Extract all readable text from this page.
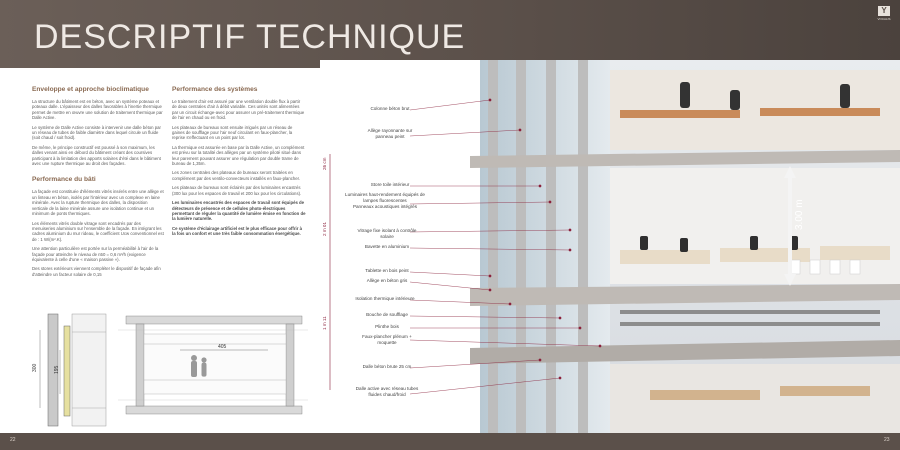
DESCRIPTIF TECHNIQUE
Y
VOCALIS
Enveloppe et approche bioclimatique

La structure du bâtiment est en béton, avec un système poteaux et poteaux dalle. L'épaisseur des dalles favorables à l'inertie thermique permet de mettre en œuvre une solution de traitement thermique par Dalle Active.

Le système de Dalle Active consiste à intervenir une dalle béton par un réseau de tubes de faible diamètre dans lequel circule un fluide (soit chaud / soit froid).

De même, le principe constructif est poussé à son maximum, les dalles venant ainsi en débord du bâtiment créant des coursives participant à la limitation des apports solaires d'été dans le bâtiment avec une rupture thermique au droit des façades.

Performance du bâti

La façade est constituée d'éléments vitrés insérés entre une allège et un linteau en béton, isolés par l'intérieur avec un complexe en laine minérale. Avec la rupture thermique des dalles, la disposition verticale de la laine minérale assure une isolation continue et un minimum de ponts thermiques.

Les éléments vitrés double vitrage sont encadrés par des menuiseries aluminium sur l'ensemble de la façade. En intégrant les cadres aluminium du mur rideau, le coefficient Ucw conventionnel est de : 1 W/(m².K).

Une attention particulière est portée sur la perméabilité à l'air de la façade pour atteindre le niveau de n50 = 0,6 m³/h (exigence équivalente à celle d'une « maison passive »).

Des stores extérieurs viennent compléter le dispositif de façade afin d'atteindre un facteur solaire de 0,15

Performance des systèmes

Le traitement d'air est assuré par une ventilation double flux à partir de deux centrales d'air à débit variable. Ces unités sont alimentées par un circuit échange-avec pour assurer un pré-traitement thermique de l'air en chaud ou en froid.

Les plateaux de bureaux sont ensuite irrigués par un réseau de gaines de soufflage pour l'air neuf circulant en faux-plancher, la reprise s'effectuant en un point par lot.

La thermique est assurée en base par la Dalle Active, un complément est prévu sur la totalité des allèges par un système piloté situé dans leur parement pouvant assurer une régulation par double trame de bureau de 1,35m.

Les zones centrales des plateaux de bureaux seront traitées en complément par des ventilo-convecteurs installés en faux-plancher.

Les plateaux de bureaux sont éclairés par des luminaires encastrés (300 lux pour les espaces de travail et 200 lux pour les circulations).

Les luminaires encastrés des espaces de travail sont équipés de détecteurs de présence et de cellules photo-électriques permettant de réguler la quantité de lumière émise en fonction de la lumière naturelle.

Ce système d'éclairage artificiel est le plus efficace pour offrir à la fois un confort et une très faible consommation énergétique.

300	195
405
3.00 m
26 cm
2 m 01
1 m 11
Colonne béton brut
Allège rayonnante sur panneau peint
Store toile intérieur
Luminaires haut-rendement équipés de lampes fluorescentes
Panneaux acoustiques intégrés
Vitrage fixe isolant à contrôle solaire
Bavette en aluminium
Tablette en bois peint
Allège en béton gris
Isolation thermique intérieure
Bouche de soufflage
Plinthe bois
Faux-plancher plénum + moquette
Dalle béton brute 25 cm
Dalle active avec réseau tubes fluides chaud/froid
22	23
